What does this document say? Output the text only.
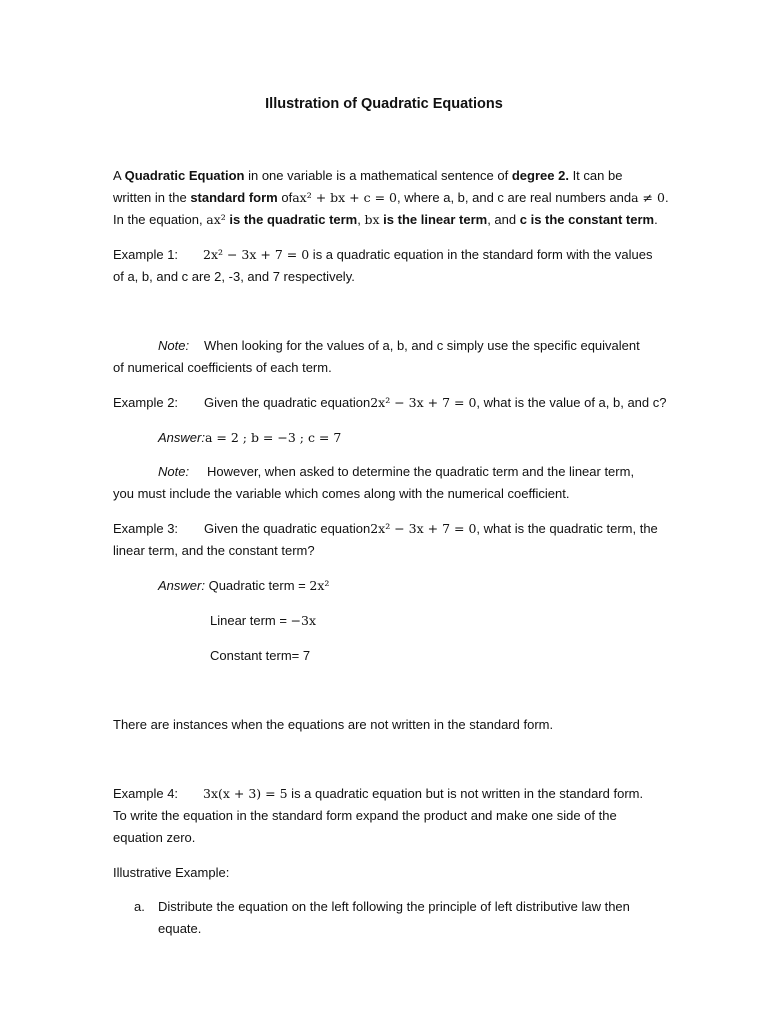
Illustration of Quadratic Equations
A Quadratic Equation in one variable is a mathematical sentence of degree 2. It can be
written in the standard form ofax² + bx + c = 0, where a, b, and c are real numbers anda ≠ 0.
In the equation, ax² is the quadratic term, bx is the linear term, and c is the constant term.
Example 1: 2x² − 3x + 7 = 0 is a quadratic equation in the standard form with the values
of a, b, and c are 2, -3, and 7 respectively.
Note: When looking for the values of a, b, and c simply use the specific equivalent
of numerical coefficients of each term.
Example 2: Given the quadratic equation2x² − 3x + 7 = 0, what is the value of a, b, and c?
Answer:a = 2 ; b = −3 ; c = 7
Note: However, when asked to determine the quadratic term and the linear term,
you must include the variable which comes along with the numerical coefficient.
Example 3: Given the quadratic equation2x² − 3x + 7 = 0, what is the quadratic term, the
linear term, and the constant term?
Answer: Quadratic term = 2x²
Linear term = −3x
Constant term= 7
There are instances when the equations are not written in the standard form.
Example 4: 3x(x + 3) = 5 is a quadratic equation but is not written in the standard form.
To write the equation in the standard form expand the product and make one side of the
equation zero.
Illustrative Example:
a. Distribute the equation on the left following the principle of left distributive law then
equate.
